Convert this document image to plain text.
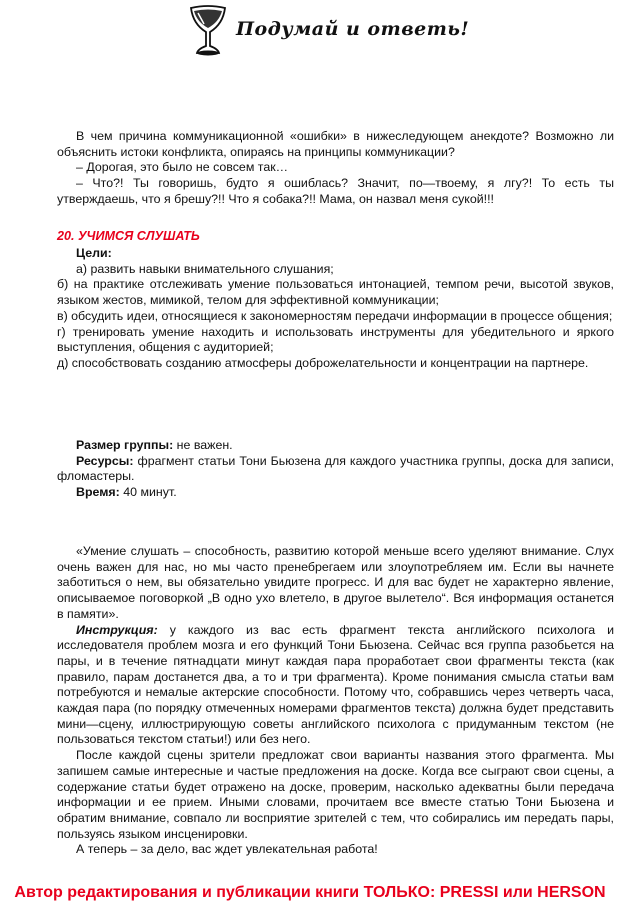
Подумай и ответь!

В чем причина коммуникационной «ошибки» в нижеследующем анекдоте? Возможно ли объяснить истоки конфликта, опираясь на принципы коммуникации?

– Дорогая, это было не совсем так…

– Что?! Ты говоришь, будто я ошиблась? Значит, по—твоему, я лгу?! То есть ты утверждаешь, что я брешу?!! Что я собака?!! Мама, он назвал меня сукой!!!

20. УЧИМСЯ СЛУШАТЬ

Цели:

а) развить навыки внимательного слушания;

б) на практике отслеживать умение пользоваться интонацией, темпом речи, высотой звуков, языком жестов, мимикой, телом для эффективной коммуникации;

в) обсудить идеи, относящиеся к закономерностям передачи информации в процессе общения;

г) тренировать умение находить и использовать инструменты для убедительного и яркого выступления, общения с аудиторией;

д) способствовать созданию атмосферы доброжелательности и концентрации на партнере.

Размер группы: не важен.

Ресурсы: фрагмент статьи Тони Бьюзена для каждого участника группы, доска для записи, фломастеры.

Время: 40 минут.

«Умение слушать – способность, развитию которой меньше всего уделяют внимание. Слух очень важен для нас, но мы часто пренебрегаем или злоупотребляем им. Если вы начнете заботиться о нем, вы обязательно увидите прогресс. И для вас будет не характерно явление, описываемое поговоркой „В одно ухо влетело, в другое вылетело“. Вся информация останется в памяти».

Инструкция: у каждого из вас есть фрагмент текста английского психолога и исследователя проблем мозга и его функций Тони Бьюзена. Сейчас вся группа разобьется на пары, и в течение пятнадцати минут каждая пара проработает свои фрагменты текста (как правило, парам достанется два, а то и три фрагмента). Кроме понимания смысла статьи вам потребуются и немалые актерские способности. Потому что, собравшись через четверть часа, каждая пара (по порядку отмеченных номерами фрагментов текста) должна будет представить мини—сцену, иллюстрирующую советы английского психолога с придуманным текстом (не пользоваться текстом статьи!) или без него.

После каждой сцены зрители предложат свои варианты названия этого фрагмента. Мы запишем самые интересные и частые предложения на доске. Когда все сыграют свои сцены, а содержание статьи будет отражено на доске, проверим, насколько адекватны были передача информации и ее прием. Иными словами, прочитаем все вместе статью Тони Бьюзена и обратим внимание, совпало ли восприятие зрителей с тем, что собирались им передать пары, пользуясь языком инсценировки.

А теперь – за дело, вас ждет увлекательная работа!

Автор редактирования и публикации книги ТОЛЬКО: PRESSI или HERSON
